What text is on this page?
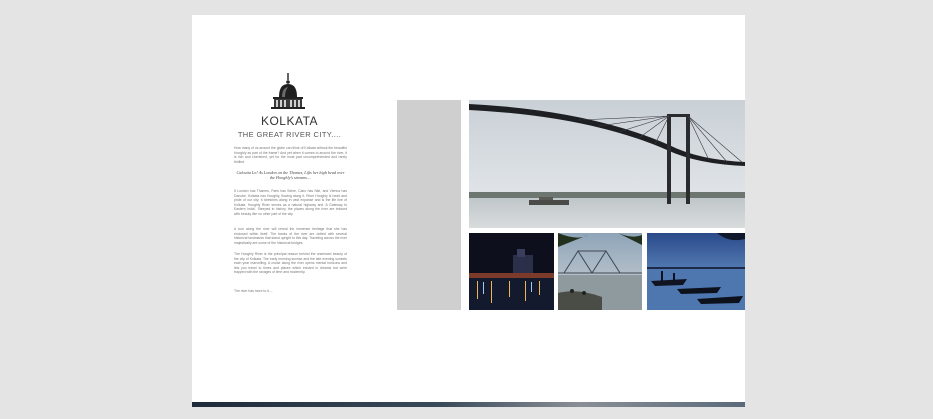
KOLKATA
THE GREAT RIVER CITY....
How many of us around the globe can think of Kolkata without the beautiful Hooghly as part of the frame? And yet when it comes to around the river, it is rich and cherished, yet for the most part uncomprehended and rarely thrilled.
Calcutta Lo! As London on the Thames, Lifts her high head over the Hooghly's streams....
If London has Thames, Paris has Seine, Cairo has Nile, and Vienna has Danube, Kolkata has Hooghly, flowing along it. River Hooghly is heart and pride of our city. It stretches along in vast expanse and is the life line of Kolkata. Hooghly River serves as a natural highway and 'A Gateway to Eastern India'. Steeped in history, the places along the river are imbued with beauty like no other part of the city.
A tour along the river will reveal the immense heritage that she has enclosed within itself. The banks of the river are dotted with several historical landmarks that stand upright to this day. Traveling across the river majestically are some of the historical bridges.
The Hooghly River is the principal reason behind the unsensed beauty of the city of Kolkata. The early morning sunrise and the late evening sunsets each year marvelling. A cruise along the river opens mental horizons and lets you travel to times and places which existed in dreams but were trapped with the ravages of time and modernity.
The river has more to it....
